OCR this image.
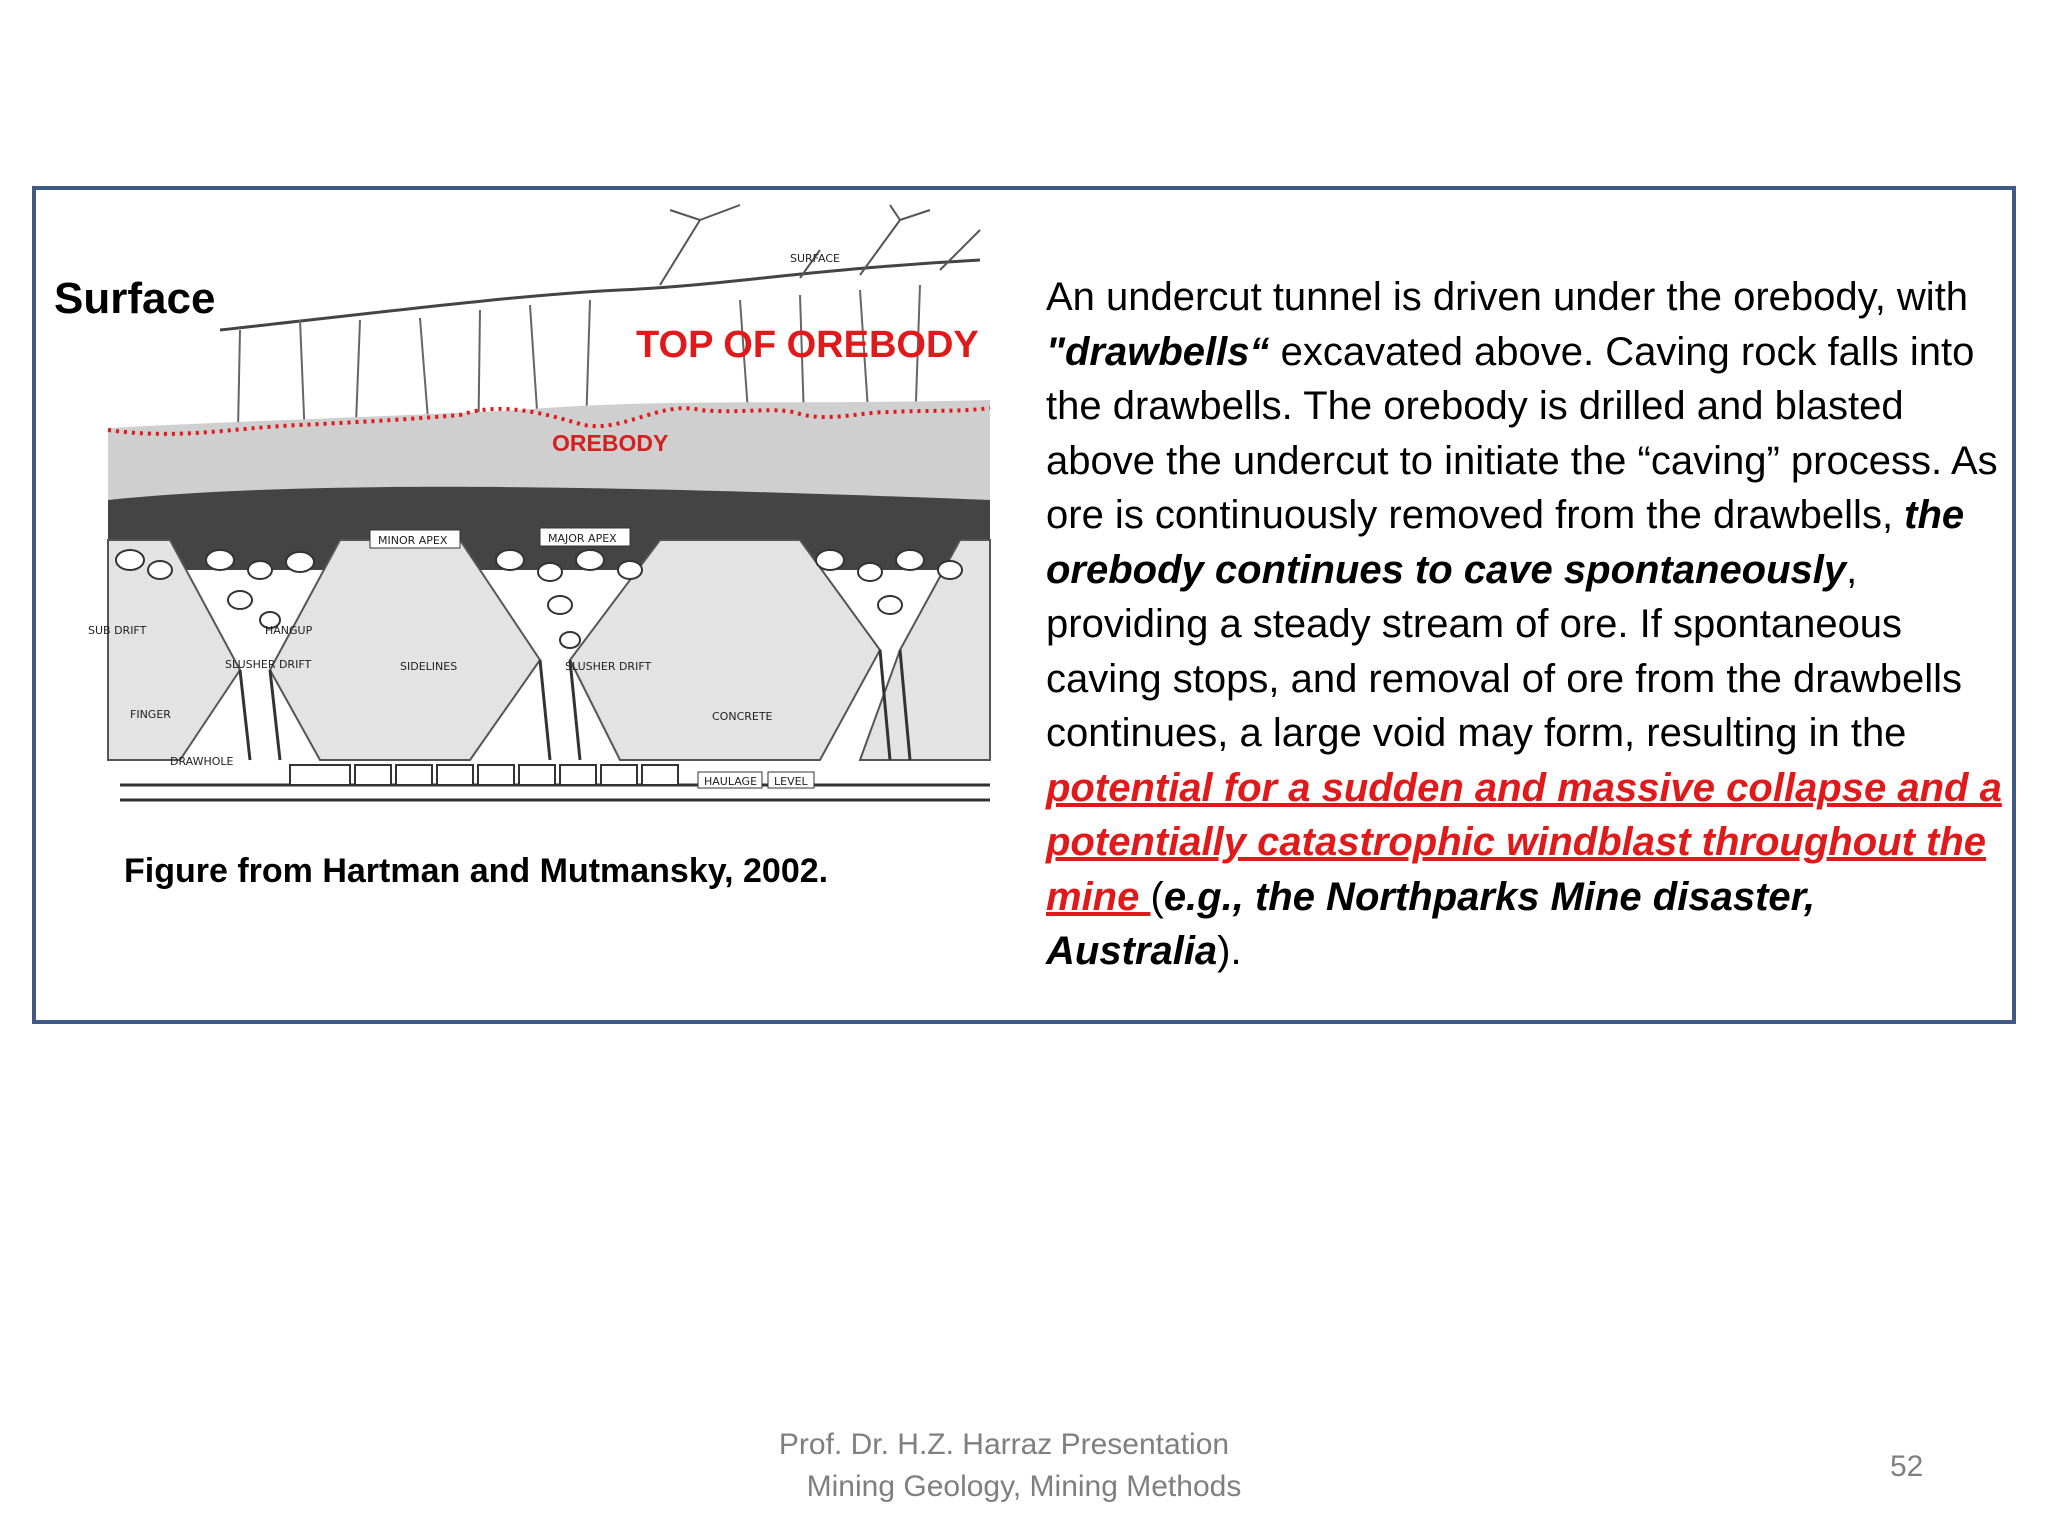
SURFACE
MINOR APEX	MAJOR APEX
SUB DRIFT	HANGUP
SLUSHER DRIFT	SIDELINES	SLUSHER DRIFT
FINGER	CONCRETE
DRAWHOLE
HAULAGE LEVEL
Surface
TOP OF OREBODY
OREBODY
Figure from Hartman and Mutmansky, 2002.
An undercut tunnel is driven under the orebody, with "drawbells“ excavated above. Caving rock falls into the drawbells. The orebody is drilled and blasted above the undercut to initiate the “caving” process. As ore is continuously removed from the drawbells, the orebody continues to cave spontaneously, providing a steady stream of ore. If spontaneous caving stops, and removal of ore from the drawbells continues, a large void may form, resulting in the potential for a sudden and massive collapse and a potentially catastrophic windblast throughout the mine (e.g., the Northparks Mine disaster, Australia).
Prof. Dr. H.Z. Harraz Presentation
Mining Geology, Mining Methods
52
